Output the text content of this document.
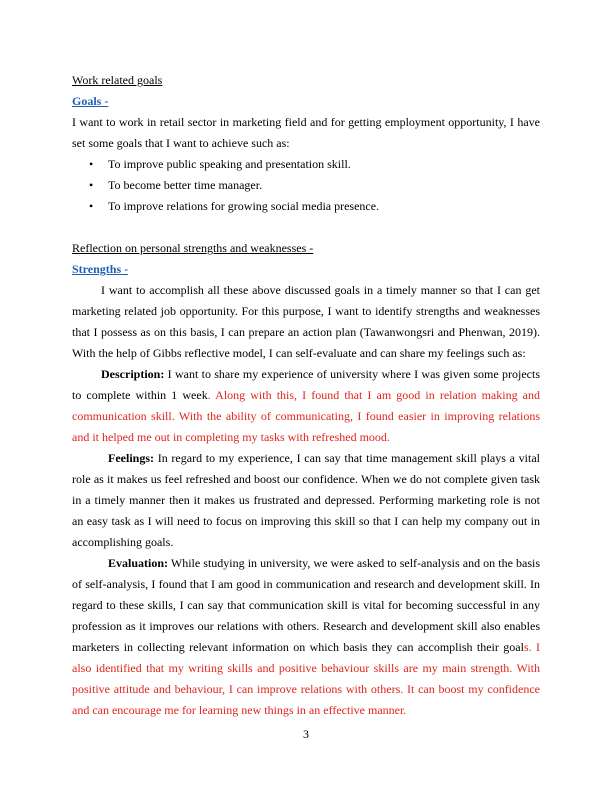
Work related goals
Goals -

I want to work in retail sector in marketing field and for getting employment opportunity, I have set some goals that I want to achieve such as:

• To improve public speaking and presentation skill.
• To become better time manager.
• To improve relations for growing social media presence.
Reflection on personal strengths and weaknesses -
Strengths -

I want to accomplish all these above discussed goals in a timely manner so that I can get marketing related job opportunity. For this purpose, I want to identify strengths and weaknesses that I possess as on this basis, I can prepare an action plan (Tawanwongsri and Phenwan, 2019). With the help of Gibbs reflective model, I can self-evaluate and can share my feelings such as:

Description: I want to share my experience of university where I was given some projects to complete within 1 week. Along with this, I found that I am good in relation making and communication skill. With the ability of communicating, I found easier in improving relations and it helped me out in completing my tasks with refreshed mood.

Feelings: In regard to my experience, I can say that time management skill plays a vital role as it makes us feel refreshed and boost our confidence. When we do not complete given task in a timely manner then it makes us frustrated and depressed. Performing marketing role is not an easy task as I will need to focus on improving this skill so that I can help my company out in accomplishing goals.

Evaluation: While studying in university, we were asked to self-analysis and on the basis of self-analysis, I found that I am good in communication and research and development skill. In regard to these skills, I can say that communication skill is vital for becoming successful in any profession as it improves our relations with others. Research and development skill also enables marketers in collecting relevant information on which basis they can accomplish their goals. I also identified that my writing skills and positive behaviour skills are my main strength. With positive attitude and behaviour, I can improve relations with others. It can boost my confidence and can encourage me for learning new things in an effective manner.

3
